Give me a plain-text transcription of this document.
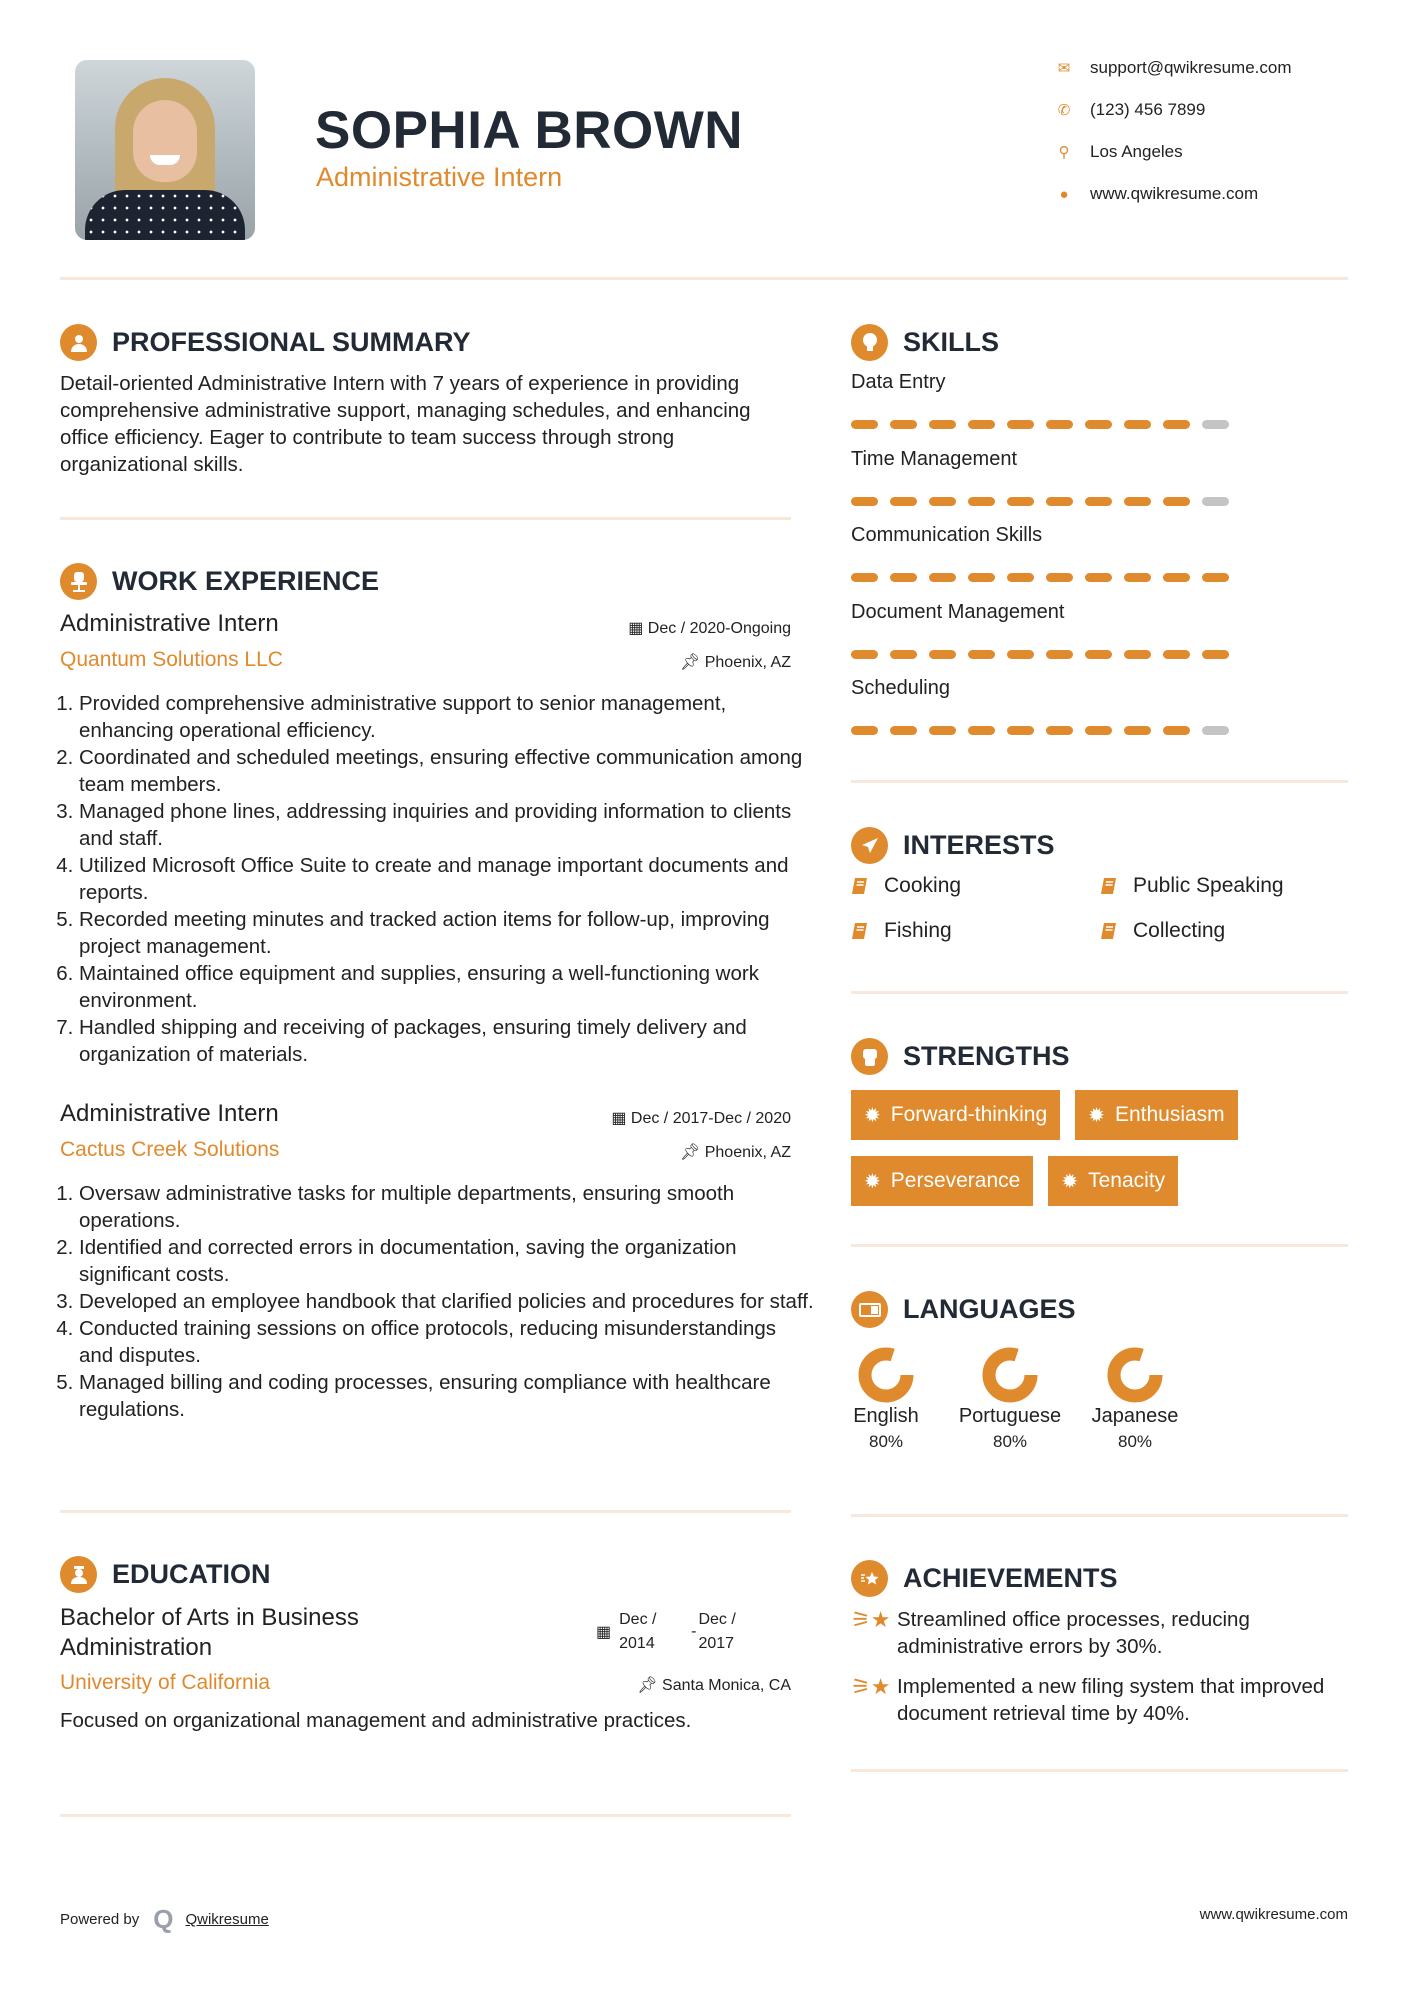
SOPHIA BROWN
Administrative Intern
✉ support@qwikresume.com
✆ (123) 456 7899
⚲ Los Angeles
● www.qwikresume.com
PROFESSIONAL SUMMARY
Detail-oriented Administrative Intern with 7 years of experience in providing comprehensive administrative support, managing schedules, and enhancing office efficiency. Eager to contribute to team success through strong organizational skills.
WORK EXPERIENCE
Administrative Intern	▦ Dec / 2020-Ongoing
Quantum Solutions LLC	📌︎ Phoenix, AZ
1. Provided comprehensive administrative support to senior management, enhancing operational efficiency.
2. Coordinated and scheduled meetings, ensuring effective communication among team members.
3. Managed phone lines, addressing inquiries and providing information to clients and staff.
4. Utilized Microsoft Office Suite to create and manage important documents and reports.
5. Recorded meeting minutes and tracked action items for follow-up, improving project management.
6. Maintained office equipment and supplies, ensuring a well-functioning work environment.
7. Handled shipping and receiving of packages, ensuring timely delivery and organization of materials.
Administrative Intern	▦ Dec / 2017-Dec / 2020
Cactus Creek Solutions	📌︎ Phoenix, AZ
1. Oversaw administrative tasks for multiple departments, ensuring smooth operations.
2. Identified and corrected errors in documentation, saving the organization significant costs.
3. Developed an employee handbook that clarified policies and procedures for staff.
4. Conducted training sessions on office protocols, reducing misunderstandings and disputes.
5. Managed billing and coding processes, ensuring compliance with healthcare regulations.
EDUCATION
Bachelor of Arts in Business Administration
▦
Dec /
2014
-
Dec /
2017
University of California	📌︎ Santa Monica, CA
Focused on organizational management and administrative practices.
SKILLS
Data Entry
Time Management
Communication Skills
Document Management
Scheduling
INTERESTS
Cooking	Public Speaking
Fishing	Collecting
STRENGTHS
✹ Forward-thinking ✹ Enthusiasm
✹ Perseverance ✹ Tenacity
LANGUAGES
English
80%
Portuguese
80%
Japanese
80%
ACHIEVEMENTS
⚞★ Streamlined office processes, reducing administrative errors by 30%.
⚞★ Implemented a new filing system that improved document retrieval time by 40%.
Powered by Q Qwikresume	www.qwikresume.com
